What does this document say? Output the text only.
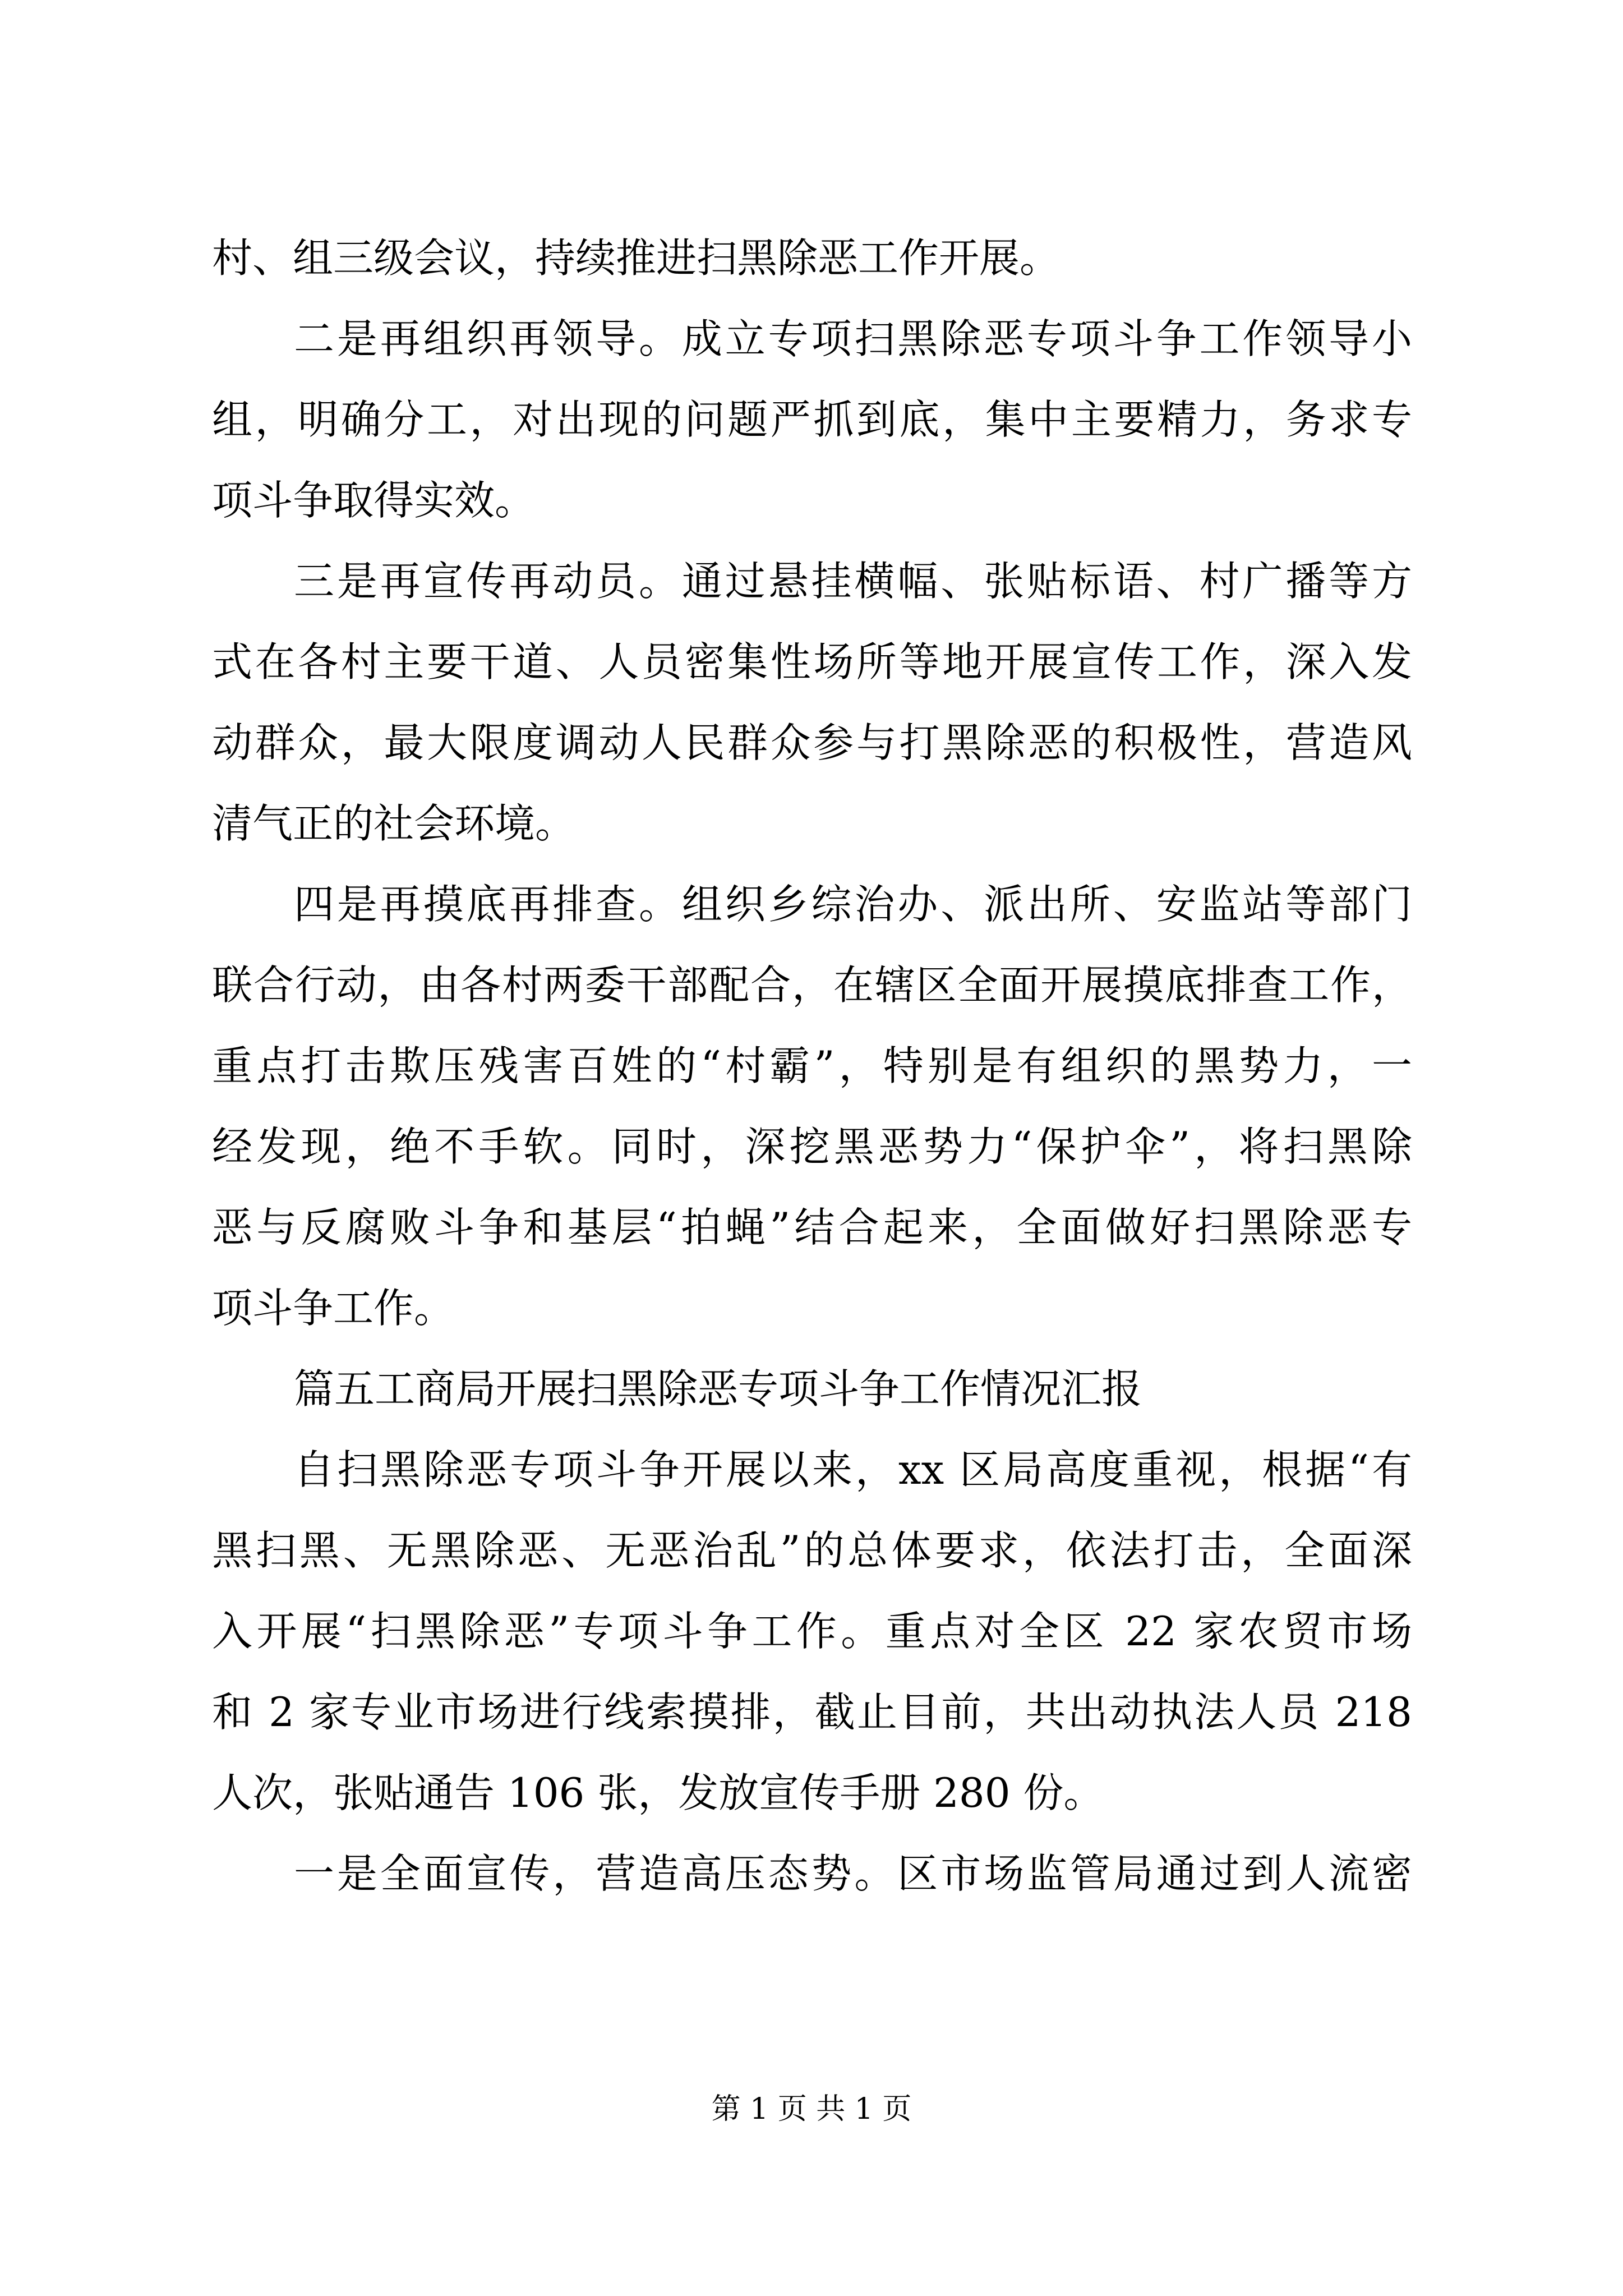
村、组三级会议，持续推进扫黑除恶工作开展。
二是再组织再领导。成立专项扫黑除恶专项斗争工作领导小
组，明确分工，对出现的问题严抓到底，集中主要精力，务求专
项斗争取得实效。
三是再宣传再动员。通过悬挂横幅、张贴标语、村广播等方
式在各村主要干道、人员密集性场所等地开展宣传工作，深入发
动群众，最大限度调动人民群众参与打黑除恶的积极性，营造风
清气正的社会环境。
四是再摸底再排查。组织乡综治办、派出所、安监站等部门
联合行动，由各村两委干部配合，在辖区全面开展摸底排查工作，
重点打击欺压残害百姓的“村霸”，特别是有组织的黑势力，一
经发现，绝不手软。同时，深挖黑恶势力“保护伞”，将扫黑除
恶与反腐败斗争和基层“拍蝇”结合起来，全面做好扫黑除恶专
项斗争工作。
篇五工商局开展扫黑除恶专项斗争工作情况汇报
自扫黑除恶专项斗争开展以来，xx 区局高度重视，根据“有
黑扫黑、无黑除恶、无恶治乱”的总体要求，依法打击，全面深
入开展“扫黑除恶”专项斗争工作。重点对全区 22 家农贸市场
和 2 家专业市场进行线索摸排，截止目前，共出动执法人员 218
人次，张贴通告 106 张，发放宣传手册 280 份。
一是全面宣传，营造高压态势。区市场监管局通过到人流密
第 1 页 共 1 页
